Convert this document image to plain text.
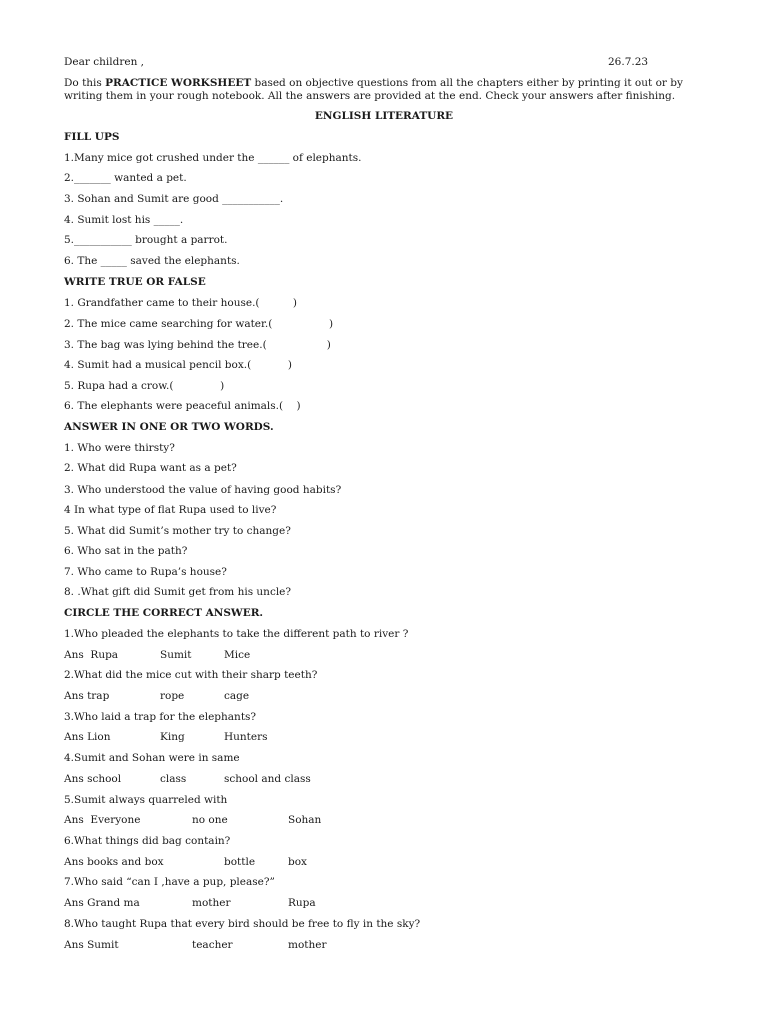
Dear children ,	26.7.23
Do this PRACTICE WORKSHEET based on objective questions from all the chapters either by printing it out or by writing them in your rough notebook. All the answers are provided at the end. Check your answers after finishing.
ENGLISH LITERATURE
FILL UPS
1.Many mice got crushed under the ______ of elephants.
2._______ wanted a pet.
3. Sohan and Sumit are good ___________.
4. Sumit lost his _____.
5.___________ brought a parrot.
6. The _____ saved the elephants.
WRITE TRUE OR FALSE
1. Grandfather came to their house.(          )
2. The mice came searching for water.(                 )
3. The bag was lying behind the tree.(                  )
4. Sumit had a musical pencil box.(           )
5. Rupa had a crow.(              )
6. The elephants were peaceful animals.(    )
ANSWER IN ONE OR TWO WORDS.
1. Who were thirsty?
2. What did Rupa want as a pet?
3. Who understood the value of having good habits?
4 In what type of flat Rupa used to live?
5. What did Sumit’s mother try to change?
6. Who sat in the path?
7. Who came to Rupa’s house?
8. .What gift did Sumit get from his uncle?
CIRCLE THE CORRECT ANSWER.
1.Who pleaded the elephants to take the different path to river ?
Ans  Rupa	Sumit	Mice
2.What did the mice cut with their sharp teeth?
Ans trap	rope	cage
3.Who laid a trap for the elephants?
Ans Lion	King	Hunters
4.Sumit and Sohan were in same
Ans school	class	school and class
5.Sumit always quarreled with
Ans  Everyone	no one	Sohan
6.What things did bag contain?
Ans books and box	bottle	box
7.Who said “can I ,have a pup, please?”
Ans Grand ma	mother	Rupa
8.Who taught Rupa that every bird should be free to fly in the sky?
Ans Sumit	teacher	mother
